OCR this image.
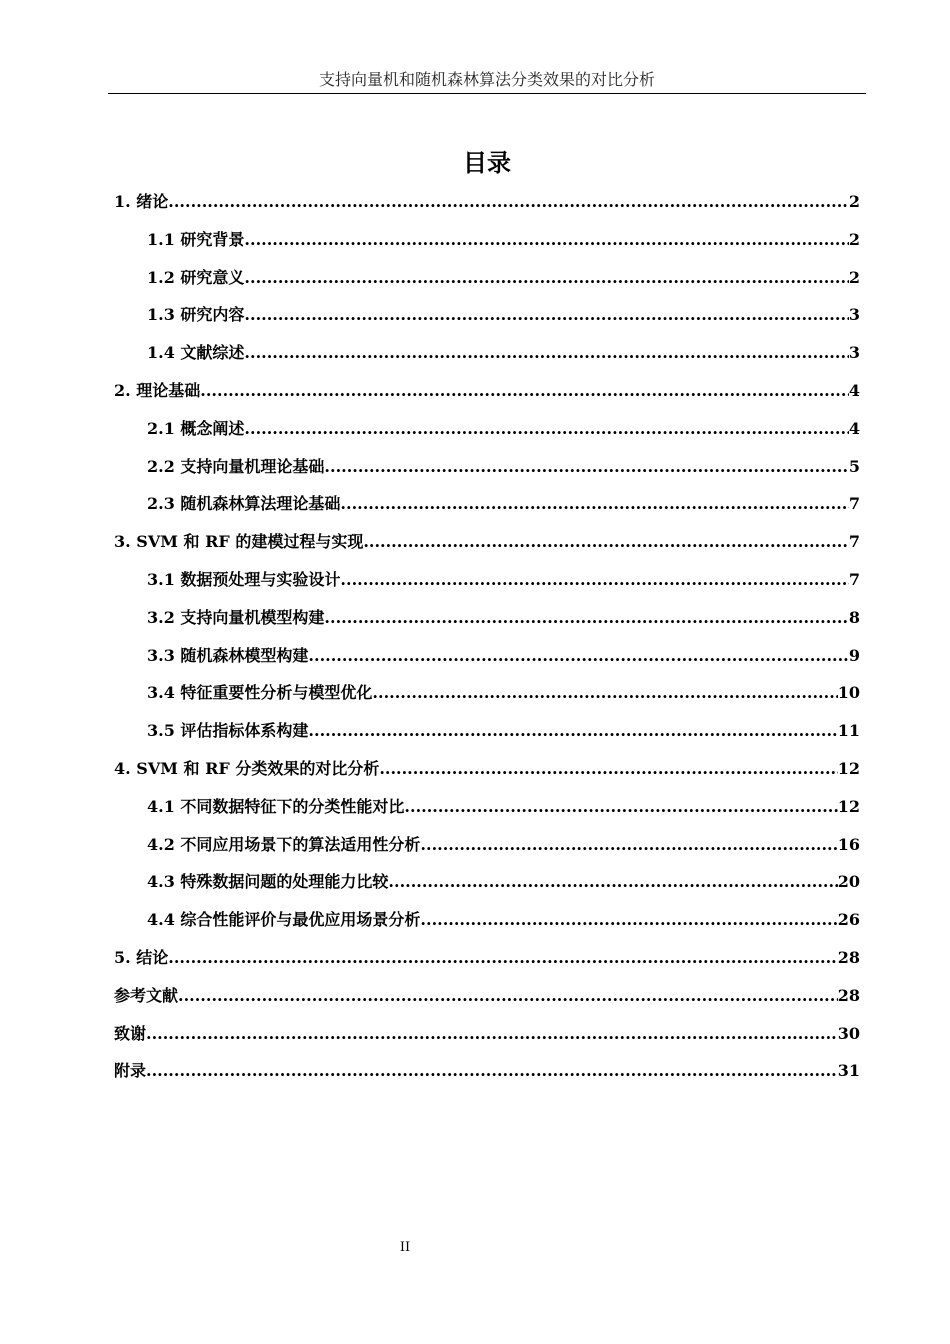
支持向量机和随机森林算法分类效果的对比分析
目录
1. 绪论 .....	2
1.1 研究背景 .....	2
1.2 研究意义 .....	2
1.3 研究内容 .....	3
1.4 文献综述 .....	3
2. 理论基础 .....	4
2.1 概念阐述 .....	4
2.2 支持向量机理论基础 .....	5
2.3 随机森林算法理论基础 .....	7
3. SVM 和 RF 的建模过程与实现 .....	7
3.1 数据预处理与实验设计 .....	7
3.2 支持向量机模型构建 .....	8
3.3 随机森林模型构建 .....	9
3.4 特征重要性分析与模型优化 .....	10
3.5 评估指标体系构建 .....	11
4. SVM 和 RF 分类效果的对比分析 .....	12
4.1 不同数据特征下的分类性能对比 .....	12
4.2 不同应用场景下的算法适用性分析 .....	16
4.3 特殊数据问题的处理能力比较 .....	20
4.4 综合性能评价与最优应用场景分析 .....	26
5. 结论 .....	28
参考文献 .....	28
致谢 .....	30
附录 .....	31
II
